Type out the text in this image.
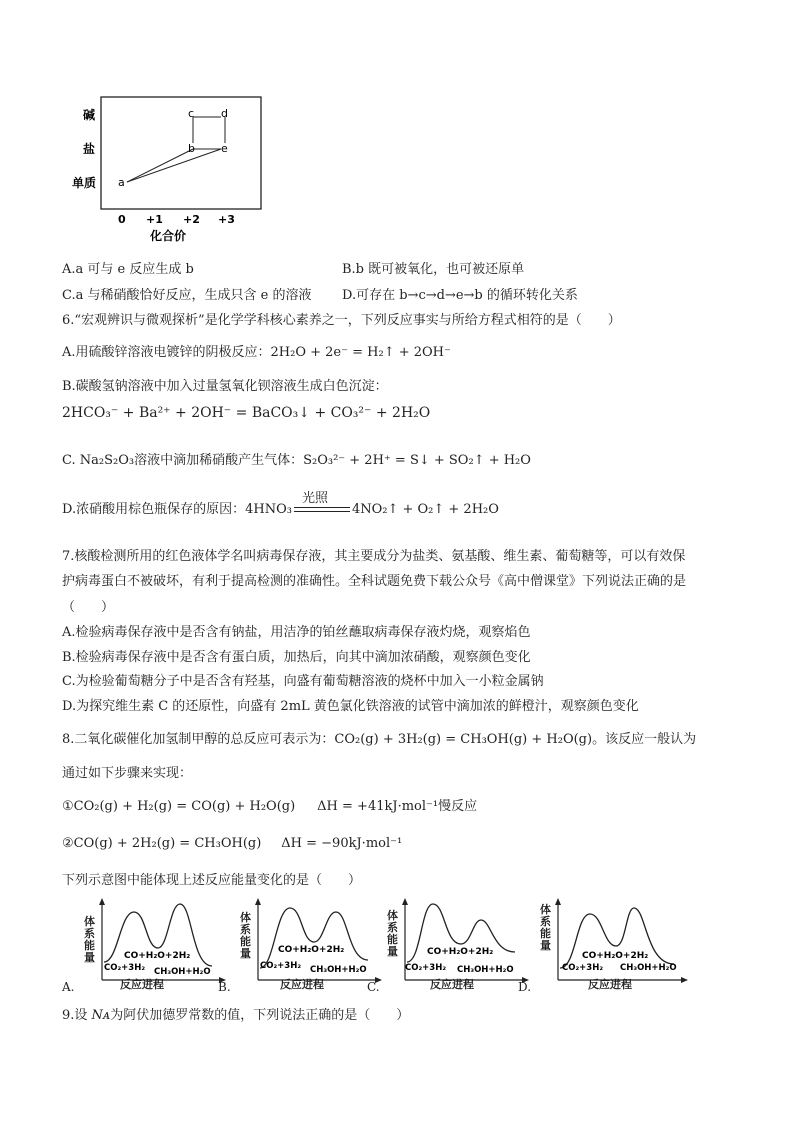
碱
盐
单质 a
b
c d
e
0 +1 +2 +3
化合价
A.a 可与 e 反应生成 b	B.b 既可被氧化，也可被还原单
C.a 与稀硝酸恰好反应，生成只含 e 的溶液 D.可存在 b→c→d→e→b 的循环转化关系
6.“宏观辨识与微观探析”是化学学科核心素养之一，下列反应事实与所给方程式相符的是（　　）
A.用硫酸锌溶液电镀锌的阴极反应：2H₂O + 2e⁻ = H₂↑ + 2OH⁻
B.碳酸氢钠溶液中加入过量氢氧化钡溶液生成白色沉淀：
2HCO₃⁻ + Ba²⁺ + 2OH⁻ = BaCO₃↓ + CO₃²⁻ + 2H₂O
C. Na₂S₂O₃溶液中滴加稀硝酸产生气体：S₂O₃²⁻ + 2H⁺ = S↓ + SO₂↑ + H₂O
D.浓硝酸用棕色瓶保存的原因：4HNO₃
光照
4NO₂↑ + O₂↑ + 2H₂O
7.核酸检测所用的红色液体学名叫病毒保存液，其主要成分为盐类、氨基酸、维生素、葡萄糖等，可以有效保
护病毒蛋白不被破坏，有利于提高检测的准确性。全科试题免费下载公众号《高中僧课堂》下列说法正确的是
（　　）
A.检验病毒保存液中是否含有钠盐，用洁净的铂丝蘸取病毒保存液灼烧，观察焰色
B.检验病毒保存液中是否含有蛋白质，加热后，向其中滴加浓硝酸，观察颜色变化
C.为检验葡萄糖分子中是否含有羟基，向盛有葡萄糖溶液的烧杯中加入一小粒金属钠
D.为探究维生素 C 的还原性，向盛有 2mL 黄色氯化铁溶液的试管中滴加浓的鲜橙汁，观察颜色变化
8.二氧化碳催化加氢制甲醇的总反应可表示为：CO₂(g) + 3H₂(g) = CH₃OH(g) + H₂O(g)。该反应一般认为
通过如下步骤来实现：
①CO₂(g) + H₂(g) = CO(g) + H₂O(g) ΔH = +41kJ·mol⁻¹慢反应
②CO(g) + 2H₂(g) = CH₃OH(g) ΔH = −90kJ·mol⁻¹
下列示意图中能体现上述反应能量变化的是（　　）
CO+H₂O+2H₂
CO₂+3H₂ CH₃OH+H₂O
体系能量
反应进程
A.
CO+H₂O+2H₂
CO₂+3H₂ CH₃OH+H₂O
体系能量
反应进程
B.
CO+H₂O+2H₂
CO₂+3H₂ CH₃OH+H₂O
体系能量
反应进程
C.
CO+H₂O+2H₂
CO₂+3H₂ CH₃OH+H₂O
体系能量
反应进程
D.
9.设 Nᴀ为阿伏加德罗常数的值，下列说法正确的是（　　）
